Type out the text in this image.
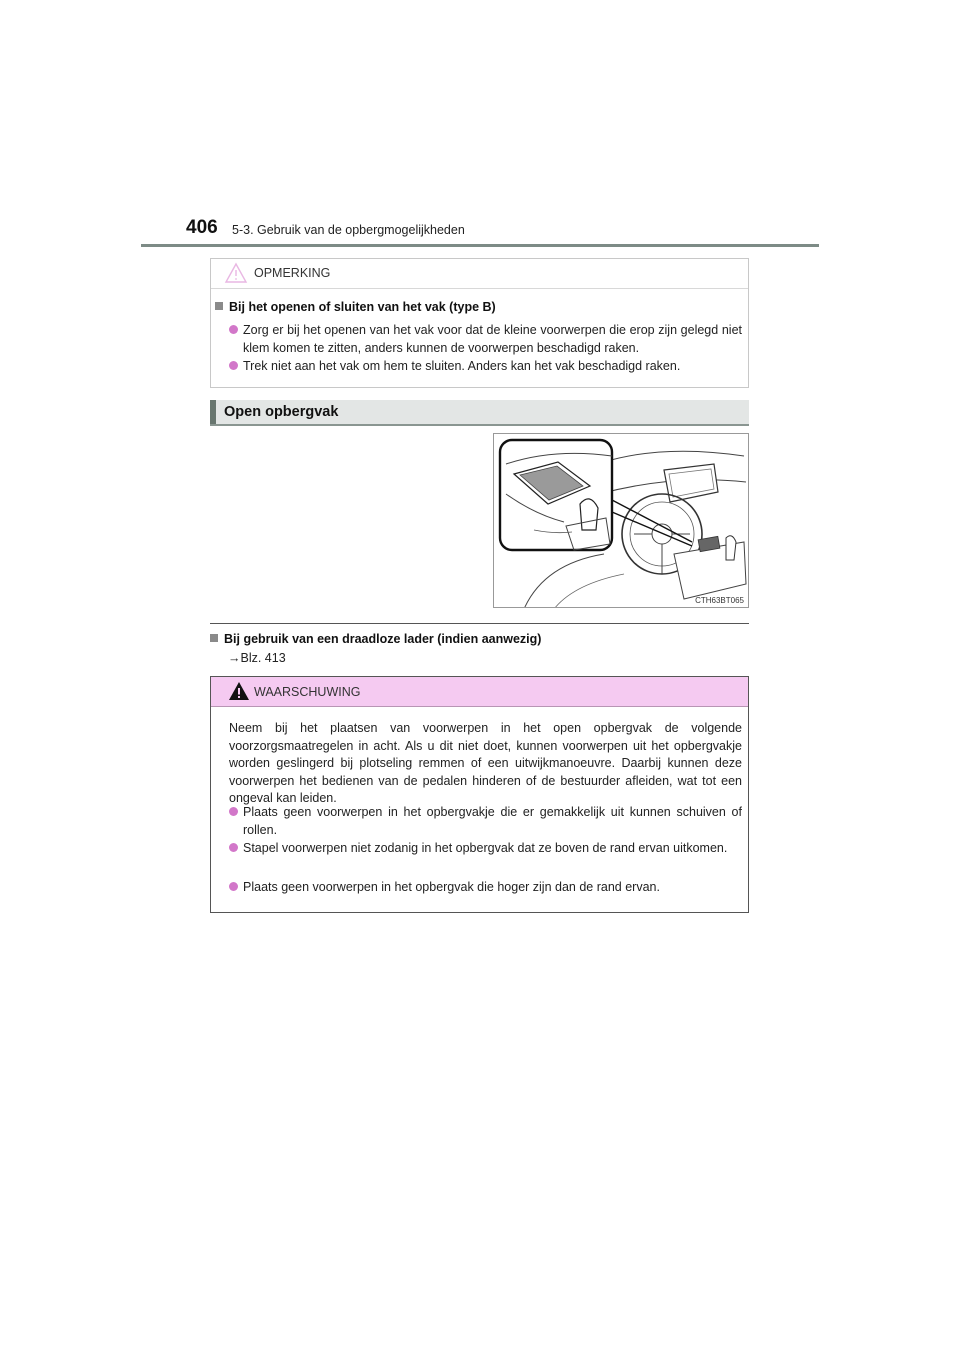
406 5-3. Gebruik van de opbergmogelijkheden
OPMERKING
Bij het openen of sluiten van het vak (type B)
Zorg er bij het openen van het vak voor dat de kleine voorwerpen die erop zijn gelegd niet klem komen te zitten, anders kunnen de voorwerpen beschadigd raken.
Trek niet aan het vak om hem te sluiten. Anders kan het vak beschadigd raken.
Open opbergvak
CTH63BT065
Bij gebruik van een draadloze lader (indien aanwezig)
→Blz. 413
WAARSCHUWING
Neem bij het plaatsen van voorwerpen in het open opbergvak de volgende voorzorgsmaatregelen in acht. Als u dit niet doet, kunnen voorwerpen uit het opbergvakje worden geslingerd bij plotseling remmen of een uitwijkmanoeuvre. Daarbij kunnen deze voorwerpen het bedienen van de pedalen hinderen of de bestuurder afleiden, wat tot een ongeval kan leiden.
Plaats geen voorwerpen in het opbergvakje die er gemakkelijk uit kunnen schuiven of rollen.
Stapel voorwerpen niet zodanig in het opbergvak dat ze boven de rand ervan uitkomen.
Plaats geen voorwerpen in het opbergvak die hoger zijn dan de rand ervan.
